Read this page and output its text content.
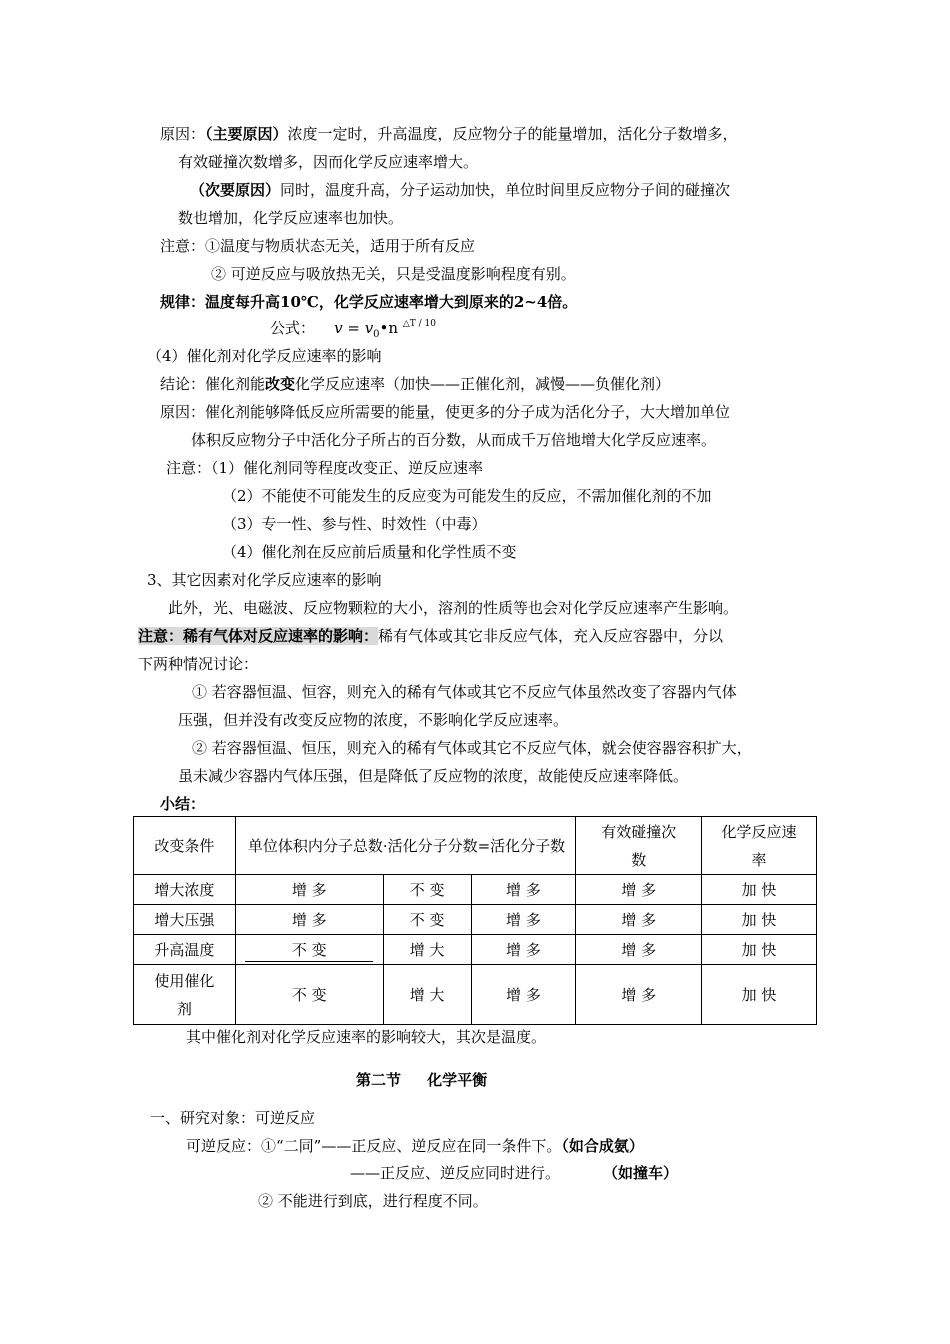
原因：（主要原因）浓度一定时，升高温度，反应物分子的能量增加，活化分子数增多，
有效碰撞次数增多，因而化学反应速率增大。
（次要原因）同时，温度升高，分子运动加快，单位时间里反应物分子间的碰撞次
数也增加，化学反应速率也加快。
注意：①温度与物质状态无关，适用于所有反应
② 可逆反应与吸放热无关，只是受温度影响程度有别。
规律：温度每升高10℃，化学反应速率增大到原来的2~4倍。
公式： $v = v_0•n$ $^{\triangle T / 10}$
（4）催化剂对化学反应速率的影响
结论：催化剂能改变化学反应速率（加快——正催化剂，减慢——负催化剂）
原因：催化剂能够降低反应所需要的能量，使更多的分子成为活化分子，大大增加单位
体积反应物分子中活化分子所占的百分数，从而成千万倍地增大化学反应速率。
注意：（1）催化剂同等程度改变正、逆反应速率
（2）不能使不可能发生的反应变为可能发生的反应，不需加催化剂的不加
（3）专一性、参与性、时效性（中毒）
（4）催化剂在反应前后质量和化学性质不变
3、其它因素对化学反应速率的影响
此外，光、电磁波、反应物颗粒的大小，溶剂的性质等也会对化学反应速率产生影响。
注意：稀有气体对反应速率的影响：稀有气体或其它非反应气体，充入反应容器中，分以
下两种情况讨论：
① 若容器恒温、恒容，则充入的稀有气体或其它不反应气体虽然改变了容器内气体
压强，但并没有改变反应物的浓度，不影响化学反应速率。
② 若容器恒温、恒压，则充入的稀有气体或其它不反应气体，就会使容器容积扩大，
虽未减少容器内气体压强，但是降低了反应物的浓度，故能使反应速率降低。
小结：
改变条件	单位体积内分子总数·活化分子分数=活化分子数			有效碰撞次数	化学反应速率
增大浓度	增 多	不 变	增 多	增 多	加 快
增大压强	增 多	不 变	增 多	增 多	加 快
升高温度	不 变	增 大	增 多	增 多	加 快
使用催化剂	不 变	增 大	增 多	增 多	加 快
其中催化剂对化学反应速率的影响较大，其次是温度。
第二节     化学平衡
一、研究对象：可逆反应
可逆反应：①“二同”——正反应、逆反应在同一条件下。（如合成氨）
——正反应、逆反应同时进行。	（如撞车）
② 不能进行到底，进行程度不同。
